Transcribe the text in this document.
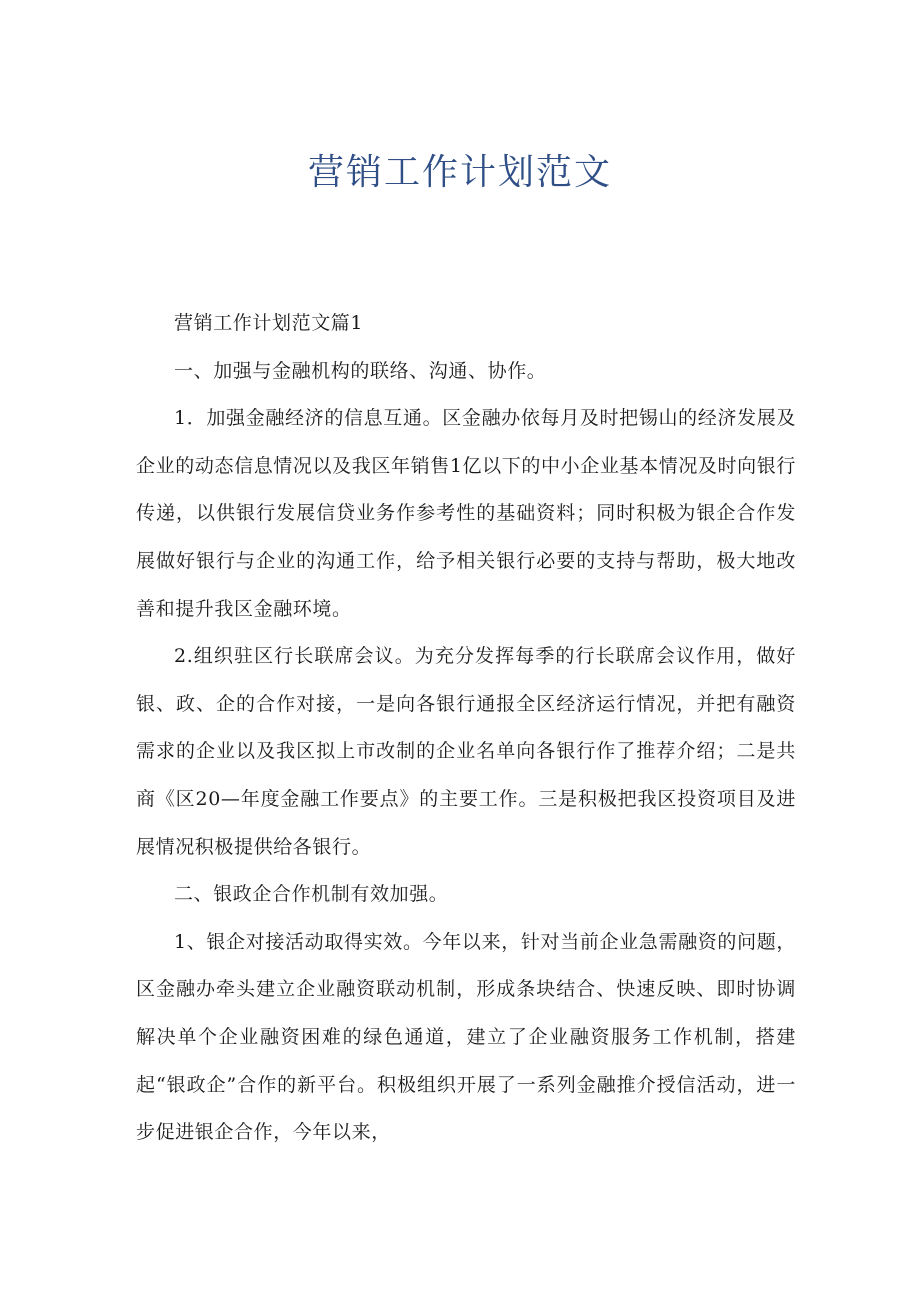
营销工作计划范文

营销工作计划范文篇1

一、加强与金融机构的联络、沟通、协作。

1．加强金融经济的信息互通。区金融办依每月及时把锡山的经济发展及企业的动态信息情况以及我区年销售1亿以下的中小企业基本情况及时向银行传递，以供银行发展信贷业务作参考性的基础资料；同时积极为银企合作发展做好银行与企业的沟通工作，给予相关银行必要的支持与帮助，极大地改善和提升我区金融环境。

2.组织驻区行长联席会议。为充分发挥每季的行长联席会议作用，做好银、政、企的合作对接，一是向各银行通报全区经济运行情况，并把有融资需求的企业以及我区拟上市改制的企业名单向各银行作了推荐介绍；二是共商《区20—年度金融工作要点》的主要工作。三是积极把我区投资项目及进展情况积极提供给各银行。

二、银政企合作机制有效加强。

1、银企对接活动取得实效。今年以来，针对当前企业急需融资的问题，区金融办牵头建立企业融资联动机制，形成条块结合、快速反映、即时协调解决单个企业融资困难的绿色通道，建立了企业融资服务工作机制，搭建起“银政企”合作的新平台。积极组织开展了一系列金融推介授信活动，进一步促进银企合作，今年以来，
